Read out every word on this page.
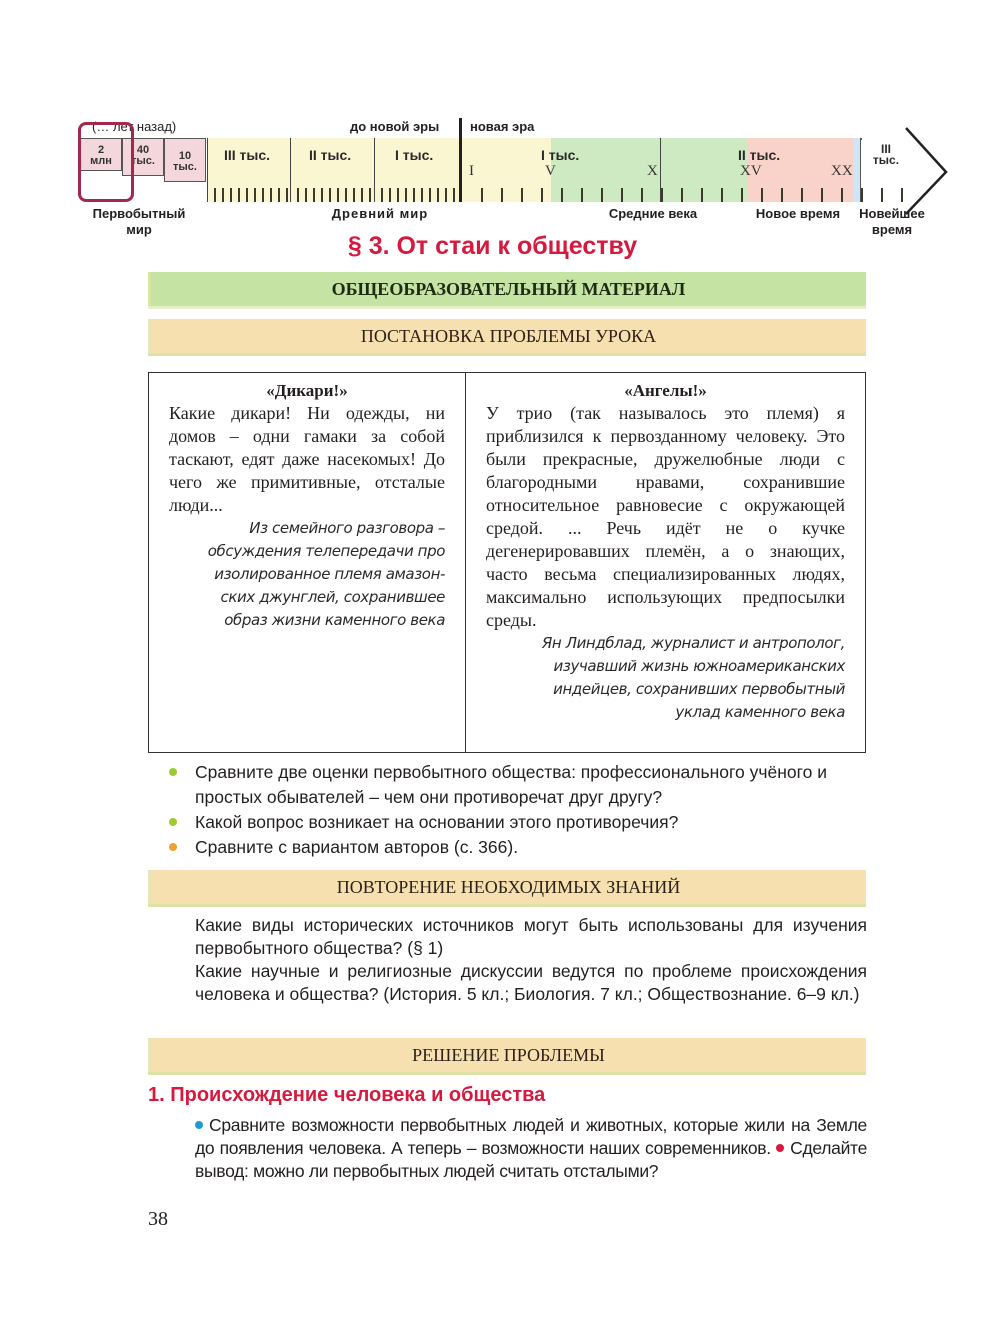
(… лет назад)	до новой эры новая эра
2 млн
40 тыс.	10 тыс.
III тыс.	II тыс.	I тыс.	I тыс.	II тыс.	III тыс.
I	V	X	XV	XX
Первобытный мир
Древний мир	Средние века	Новое время	Новейшее время
§ 3. От стаи к обществу
ОБЩЕОБРАЗОВАТЕЛЬНЫЙ МАТЕРИАЛ
ПОСТАНОВКА ПРОБЛЕМЫ УРОКА
«Дикари!»
Какие дикари! Ни одежды, ни домов – одни гамаки за собой таскают, едят даже насекомых! До чего же примитивные, отсталые люди...
Из семейного разговора –
обсуждения телепередачи про
изолированное племя амазон-
ских джунглей, сохранившее
образ жизни каменного века
«Ангелы!»
У трио (так называлось это племя) я приблизился к первозданному человеку. Это были прекрасные, дружелюбные люди с благородными нравами, сохранившие относительное равновесие с окружающей средой. ... Речь идёт не о кучке дегенерировавших племён, а о знающих, часто весьма специализированных людях, максимально использующих предпосылки среды.
Ян Линдблад, журналист и антрополог,
изучавший жизнь южноамериканских
индейцев, сохранивших первобытный
уклад каменного века
Сравните две оценки первобытного общества: профессионального учёного и простых обывателей – чем они противоречат друг другу?
Какой вопрос возникает на основании этого противоречия?
Сравните с вариантом авторов (с. 366).
ПОВТОРЕНИЕ НЕОБХОДИМЫХ ЗНАНИЙ

Какие виды исторических источников могут быть использованы для изучения первобытного общества? (§ 1)

Какие научные и религиозные дискуссии ведутся по проблеме происхождения человека и общества? (История. 5 кл.; Биология. 7 кл.; Обществознание. 6–9 кл.)

РЕШЕНИЕ ПРОБЛЕМЫ
1. Происхождение человека и общества
Сравните возможности первобытных людей и животных, которые жили на Земле до появления человека. А теперь – возможности наших современников. Сделайте вывод: можно ли первобытных людей считать отсталыми?
38
